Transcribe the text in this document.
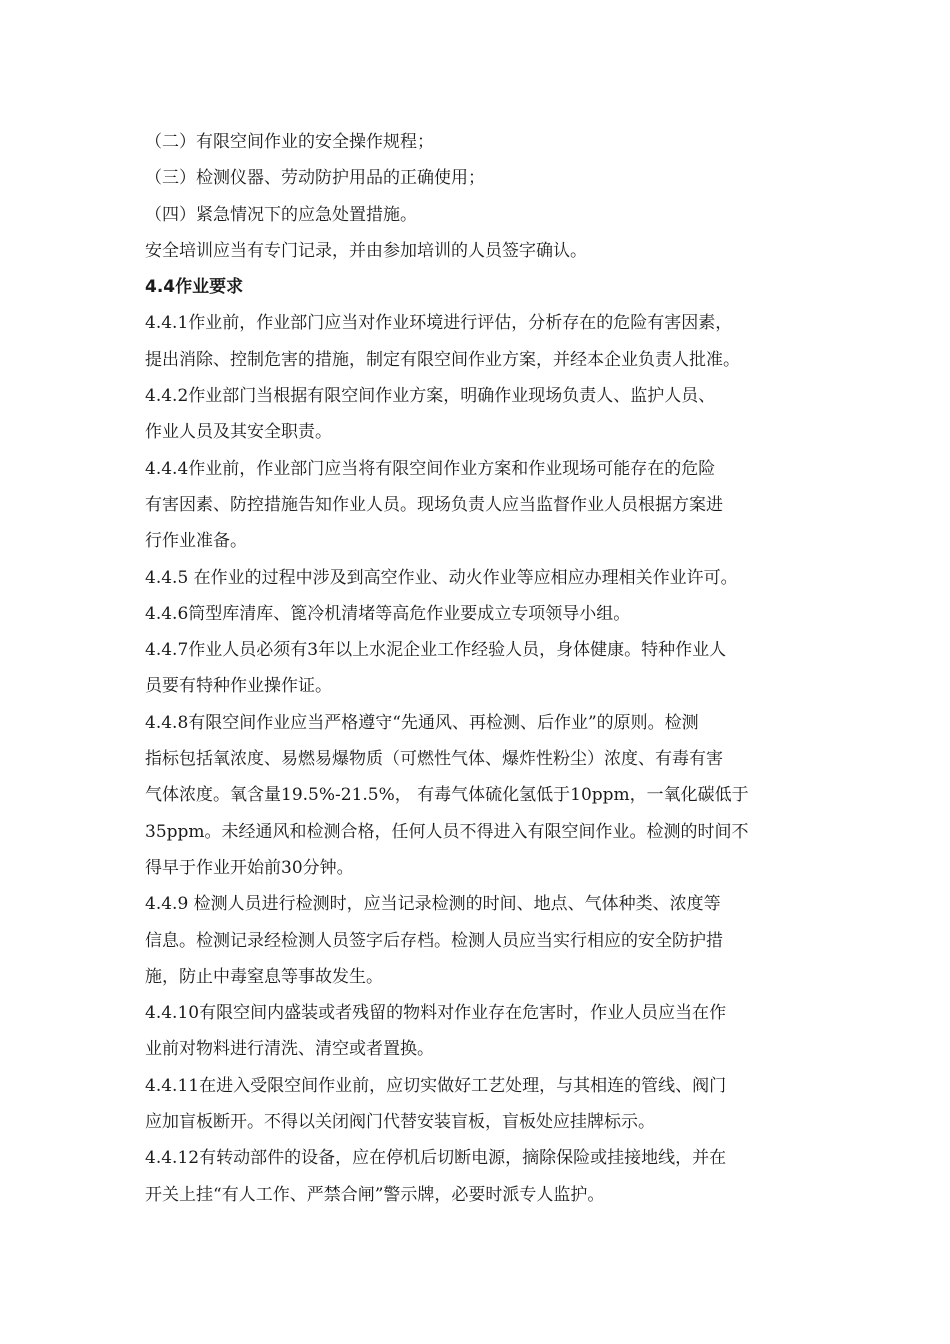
（二）有限空间作业的安全操作规程；
（三）检测仪器、劳动防护用品的正确使用；
（四）紧急情况下的应急处置措施。
安全培训应当有专门记录，并由参加培训的人员签字确认。
4.4作业要求
4.4.1作业前，作业部门应当对作业环境进行评估，分析存在的危险有害因素，
提出消除、控制危害的措施，制定有限空间作业方案，并经本企业负责人批准。
4.4.2作业部门当根据有限空间作业方案，明确作业现场负责人、监护人员、
作业人员及其安全职责。
4.4.4作业前，作业部门应当将有限空间作业方案和作业现场可能存在的危险
有害因素、防控措施告知作业人员。现场负责人应当监督作业人员根据方案进
行作业准备。
4.4.5 在作业的过程中涉及到高空作业、动火作业等应相应办理相关作业许可。
4.4.6筒型库清库、篦冷机清堵等高危作业要成立专项领导小组。
4.4.7作业人员必须有3年以上水泥企业工作经验人员，身体健康。特种作业人
员要有特种作业操作证。
4.4.8有限空间作业应当严格遵守“先通风、再检测、后作业”的原则。检测
指标包括氧浓度、易燃易爆物质（可燃性气体、爆炸性粉尘）浓度、有毒有害
气体浓度。氧含量19.5%-21.5%， 有毒气体硫化氢低于10ppm，一氧化碳低于
35ppm。未经通风和检测合格，任何人员不得进入有限空间作业。检测的时间不
得早于作业开始前30分钟。
4.4.9 检测人员进行检测时，应当记录检测的时间、地点、气体种类、浓度等
信息。检测记录经检测人员签字后存档。检测人员应当实行相应的安全防护措
施，防止中毒窒息等事故发生。
4.4.10有限空间内盛装或者残留的物料对作业存在危害时，作业人员应当在作
业前对物料进行清洗、清空或者置换。
4.4.11在进入受限空间作业前，应切实做好工艺处理，与其相连的管线、阀门
应加盲板断开。不得以关闭阀门代替安装盲板，盲板处应挂牌标示。
4.4.12有转动部件的设备，应在停机后切断电源，摘除保险或挂接地线，并在
开关上挂“有人工作、严禁合闸”警示牌，必要时派专人监护。
